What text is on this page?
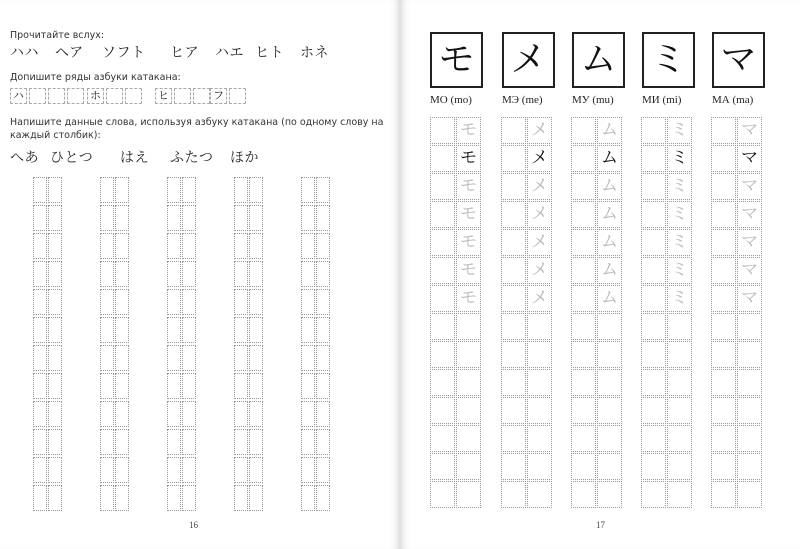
Прочитайте вслух:
ハハ ヘア ソフト ヒア ハエ ヒト ホネ
Допишите ряды азбуки катакана:
ハ	ホ	ヒ	フ
Напишите данные слова, используя азбуку катакана (по одному слову на
каждый столбик):
へあ ひとつ はえ ふたつ ほか
16
モ メ ム ミ マ
МО (mo)	МЭ (me)	МУ (mu)	МИ (mi)	МА (ma)
モ
モ
モ
モ
モ
モ
モ
メ
メ
メ
メ
メ
メ
メ
ム
ム
ム
ム
ム
ム
ム
ミ
ミ
ミ
ミ
ミ
ミ
ミ
マ
マ
マ
マ
マ
マ
マ
17
